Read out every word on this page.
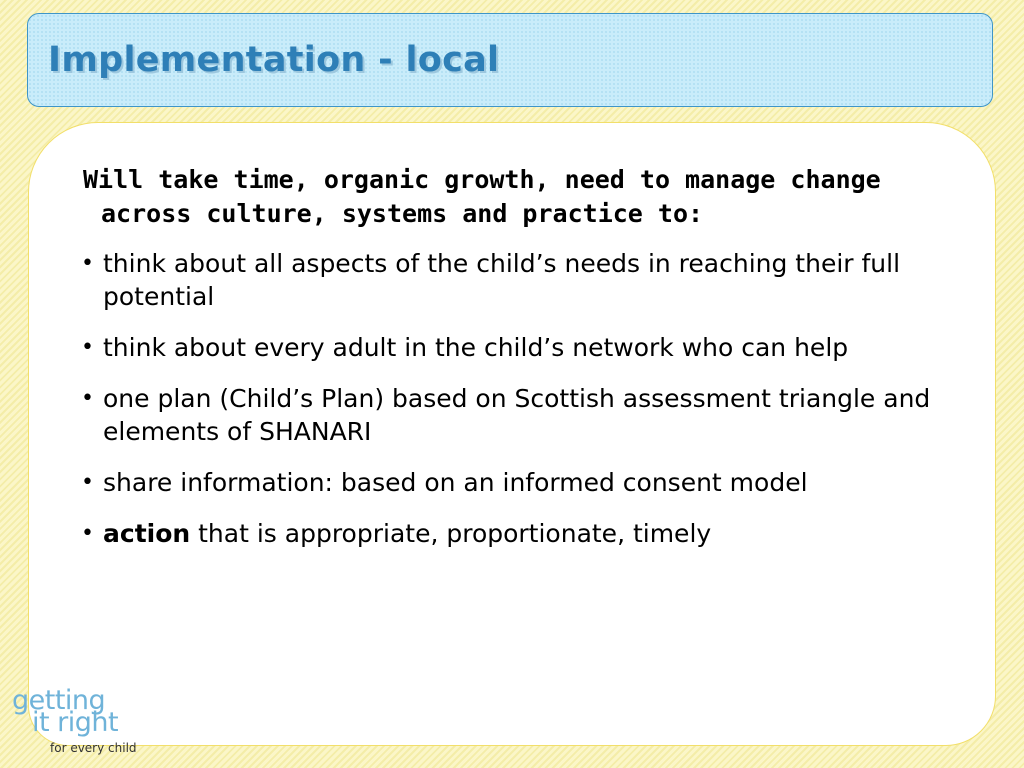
Implementation - local

Will take time, organic growth, need to manage change across culture, systems and practice to:

• think about all aspects of the child’s needs in reaching their full potential
• think about every adult in the child’s network who can help
• one plan (Child’s Plan) based on Scottish assessment triangle and elements of SHANARI
• share information: based on an informed consent model
• action that is appropriate, proportionate, timely
getting
it right
for every child
